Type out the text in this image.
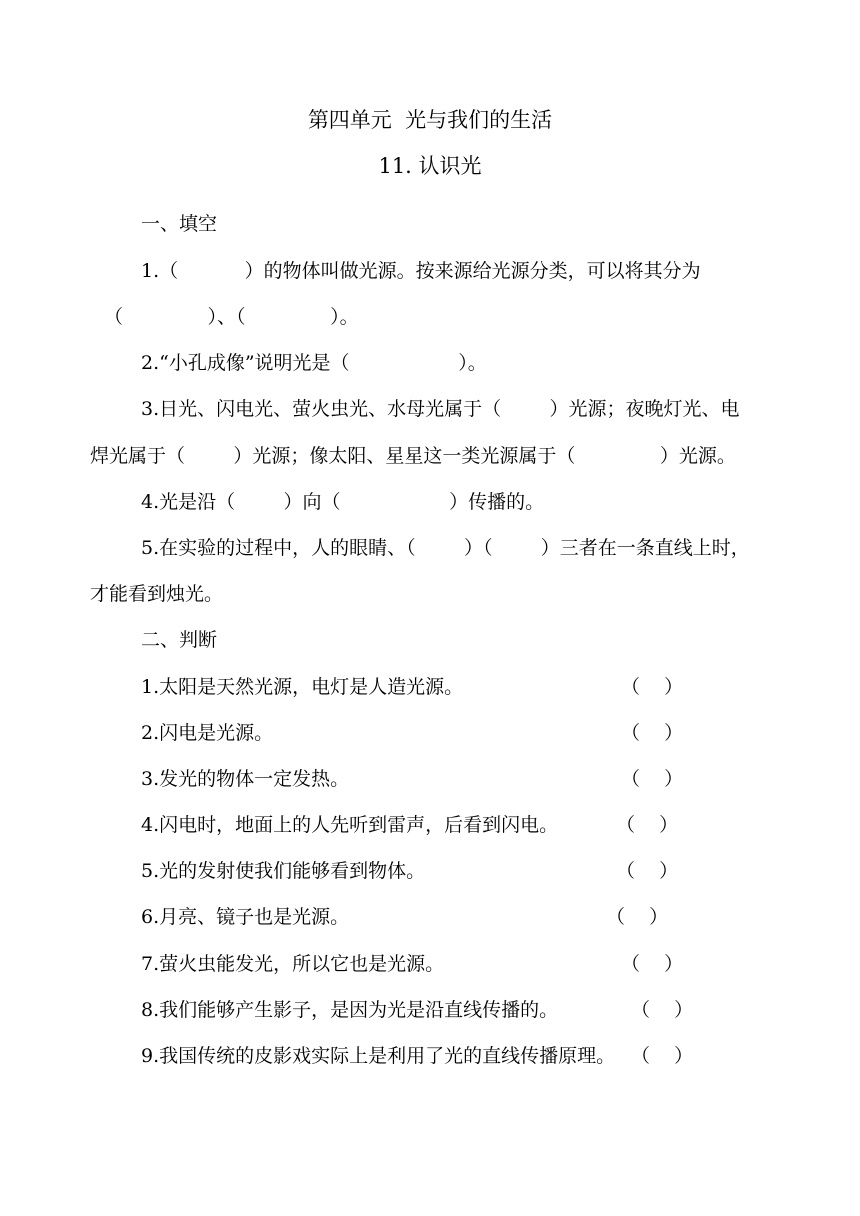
第四单元  光与我们的生活
11. 认识光
一、填空
1.（           ）的物体叫做光源。按来源给光源分类，可以将其分为
（              ）、（              ）。
2.“小孔成像”说明光是（                  ）。
3.日光、闪电光、萤火虫光、水母光属于（        ）光源；夜晚灯光、电
焊光属于（        ）光源；像太阳、星星这一类光源属于（              ）光源。
4.光是沿（        ）向（                  ）传播的。
5.在实验的过程中，人的眼睛、（        ）（        ）三者在一条直线上时，
才能看到烛光。
二、判断
1.太阳是天然光源，电灯是人造光源。	（    ）
2.闪电是光源。	（    ）
3.发光的物体一定发热。	（    ）
4.闪电时，地面上的人先听到雷声，后看到闪电。	（    ）
5.光的发射使我们能够看到物体。	（    ）
6.月亮、镜子也是光源。	（    ）
7.萤火虫能发光，所以它也是光源。	（    ）
8.我们能够产生影子，是因为光是沿直线传播的。	（    ）
9.我国传统的皮影戏实际上是利用了光的直线传播原理。 （    ）
